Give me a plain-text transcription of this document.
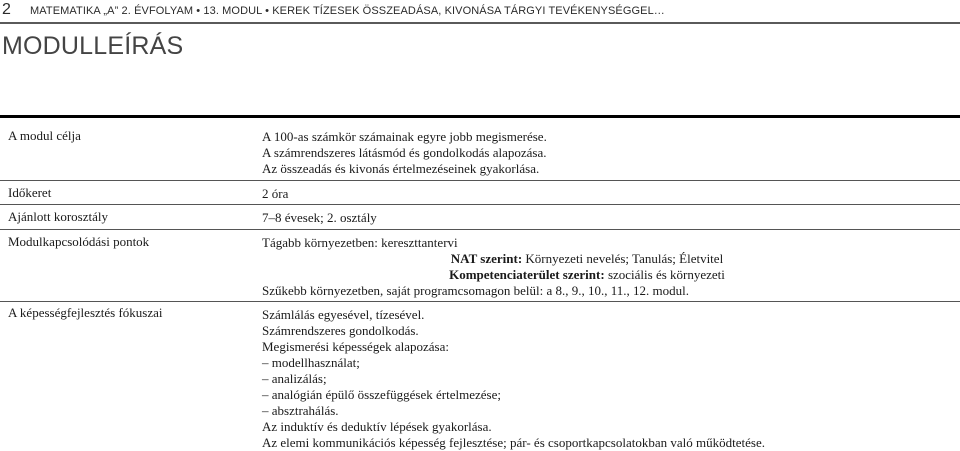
2 MATEMATIKA „A” 2. ÉVFOLYAM • 13. MODUL • KEREK TÍZESEK ÖSSZEADÁSA, KIVONÁSA TÁRGYI TEVÉKENYSÉGGEL…
MODULLEÍRÁS
A modul célja	A 100-as számkör számainak egyre jobb megismerése.
A számrendszeres látásmód és gondolkodás alapozása.
Az összeadás és kivonás értelmezéseinek gyakorlása.
Időkeret	2 óra
Ajánlott korosztály	7–8 évesek; 2. osztály
Modulkapcsolódási pontok	Tágabb környezetben: kereszttantervi
NAT szerint: Környezeti nevelés; Tanulás; Életvitel
Kompetenciaterület szerint: szociális és környezeti
Szűkebb környezetben, saját programcsomagon belül: a 8., 9., 10., 11., 12. modul.
A képességfejlesztés fókuszai	Számlálás egyesével, tízesével.
Számrendszeres gondolkodás.
Megismerési képességek alapozása:
– modellhasználat;
– analizálás;
– analógián épülő összefüggések értelmezése;
– absztrahálás.
Az induktív és deduktív lépések gyakorlása.
Az elemi kommunikációs képesség fejlesztése; pár- és csoportkapcsolatokban való működtetése.
